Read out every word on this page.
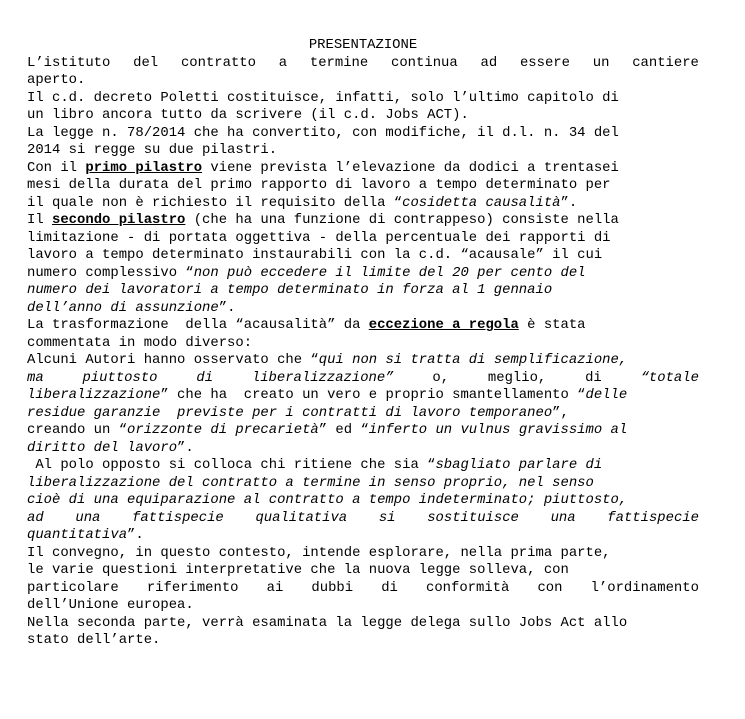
PRESENTAZIONE
L’istituto del contratto a termine continua ad essere un cantiere
aperto.
Il c.d. decreto Poletti costituisce, infatti, solo l’ultimo capitolo di
un libro ancora tutto da scrivere (il c.d. Jobs ACT).
La legge n. 78/2014 che ha convertito, con modifiche, il d.l. n. 34 del
2014 si regge su due pilastri.
Con il primo pilastro viene prevista l’elevazione da dodici a trentasei
mesi della durata del primo rapporto di lavoro a tempo determinato per
il quale non è richiesto il requisito della “cosidetta causalità”.
Il secondo pilastro (che ha una funzione di contrappeso) consiste nella
limitazione - di portata oggettiva - della percentuale dei rapporti di
lavoro a tempo determinato instaurabili con la c.d. “acausale” il cui
numero complessivo “non può eccedere il limite del 20 per cento del
numero dei lavoratori a tempo determinato in forza al 1 gennaio
dell’anno di assunzione”.
La trasformazione  della “acausalità” da eccezione a regola è stata
commentata in modo diverso:
Alcuni Autori hanno osservato che “qui non si tratta di semplificazione,
ma	piuttosto	di	liberalizzazione”	o,	meglio,	di	“totale
liberalizzazione” che ha  creato un vero e proprio smantellamento “delle
residue garanzie  previste per i contratti di lavoro temporaneo”,
creando un “orizzonte di precarietà” ed “inferto un vulnus gravissimo al
diritto del lavoro”.
Al polo opposto si colloca chi ritiene che sia “sbagliato parlare di
liberalizzazione del contratto a termine in senso proprio, nel senso
cioè di una equiparazione al contratto a tempo indeterminato; piuttosto,
ad una fattispecie qualitativa si sostituisce una fattispecie
quantitativa”.
Il convegno, in questo contesto, intende esplorare, nella prima parte,
le varie questioni interpretative che la nuova legge solleva, con
particolare riferimento ai dubbi di conformità con l’ordinamento
dell’Unione europea.
Nella seconda parte, verrà esaminata la legge delega sullo Jobs Act allo
stato dell’arte.
